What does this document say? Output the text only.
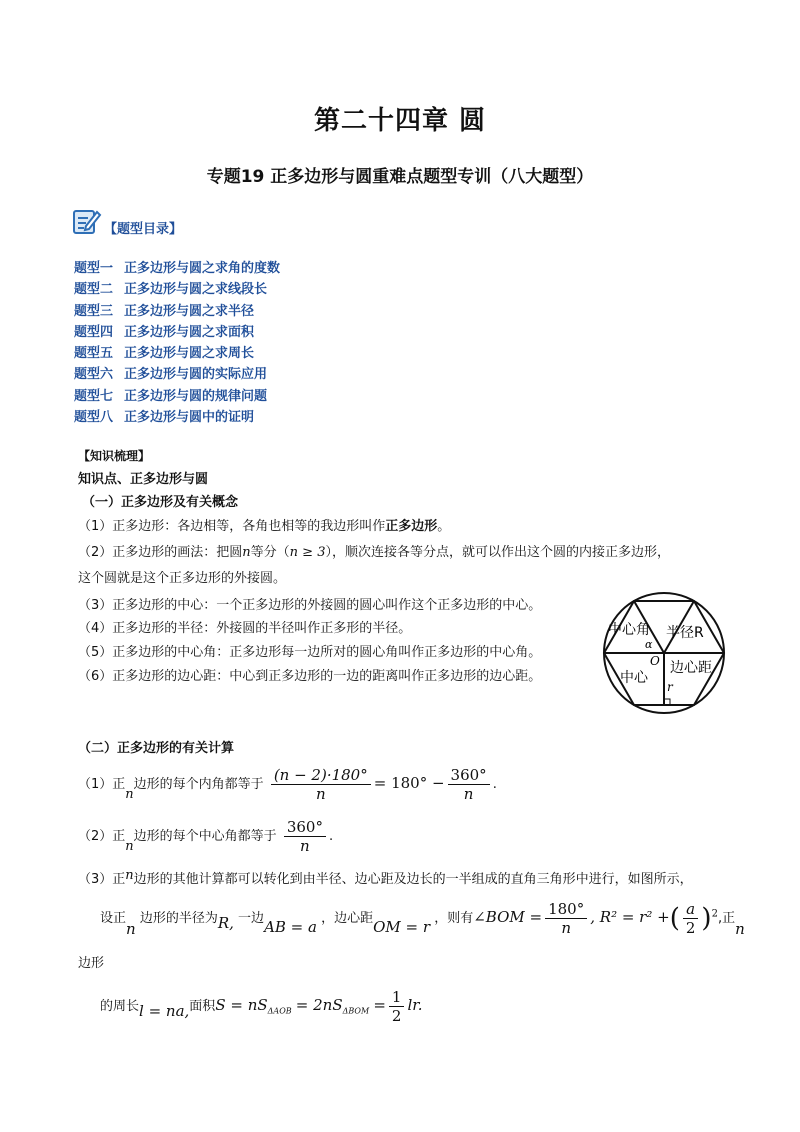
第二十四章 圆
专题19 正多边形与圆重难点题型专训（八大题型）
【题型目录】
题型一 正多边形与圆之求角的度数
题型二 正多边形与圆之求线段长
题型三 正多边形与圆之求半径
题型四 正多边形与圆之求面积
题型五 正多边形与圆之求周长
题型六 正多边形与圆的实际应用
题型七 正多边形与圆的规律问题
题型八 正多边形与圆中的证明
【知识梳理】
知识点、正多边形与圆
（一）正多边形及有关概念
（1）正多边形：各边相等，各角也相等的我边形叫作正多边形。
（2）正多边形的画法：把圆n等分（n ≥ 3），顺次连接各等分点，就可以作出这个圆的内接正多边形，
这个圆就是这个正多边形的外接圆。
（3）正多边形的中心：一个正多边形的外接圆的圆心叫作这个正多边形的中心。
（4）正多边形的半径：外接圆的半径叫作正多形的半径。
（5）正多边形的中心角：正多边形每一边所对的圆心角叫作正多边形的中心角。
（6）正多边形的边心距：中心到正多边形的一边的距离叫作正多边形的边心距。
中心角 半径R
α
O
中心
边心距
r
（二）正多边形的有关计算
（1）正n边形的每个内角都等于 $\frac{(n - 2)\cdot 180^\circ}{n} = 180^\circ - \frac{360^\circ}{n}$ .
（2）正n边形的每个中心角都等于 $\frac{360^\circ}{n}$ .
（3）正n边形的其他计算都可以转化到由半径、边心距及边长的一半组成的直角三角形中进行，如图所示，
设正n 边形的半径为R, 一边AB = a ，边心距OM = r ，则有∠BOM = $\frac{180^\circ}{n}$ , R² = r² +( $\frac{a}{2} )^2$,正n
边形
的周长l = na,面积$S = nS_{\Delta AOB} = 2nS_{\Delta BOM} = \frac{1}{2}$ lr.
